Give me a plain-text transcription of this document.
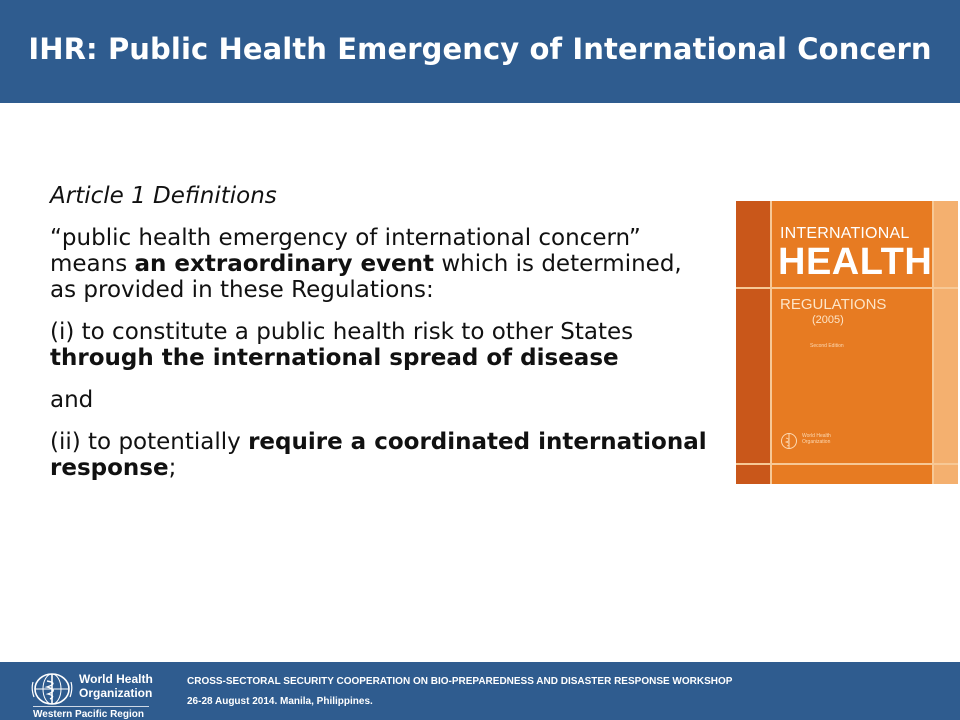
IHR: Public Health Emergency of International Concern

Article 1 Definitions

“public health emergency of international concern” means an extraordinary event which is determined, as provided in these Regulations:

(i) to constitute a public health risk to other States through the international spread of disease

and

(ii) to potentially require a coordinated international response;

INTERNATIONAL
HEALTH
REGULATIONS
(2005)
Second Edition
World Health Organization
World Health
Organization
Western Pacific Region
CROSS-SECTORAL SECURITY COOPERATION ON BIO-PREPAREDNESS AND DISASTER RESPONSE WORKSHOP
26-28 August 2014. Manila, Philippines.
